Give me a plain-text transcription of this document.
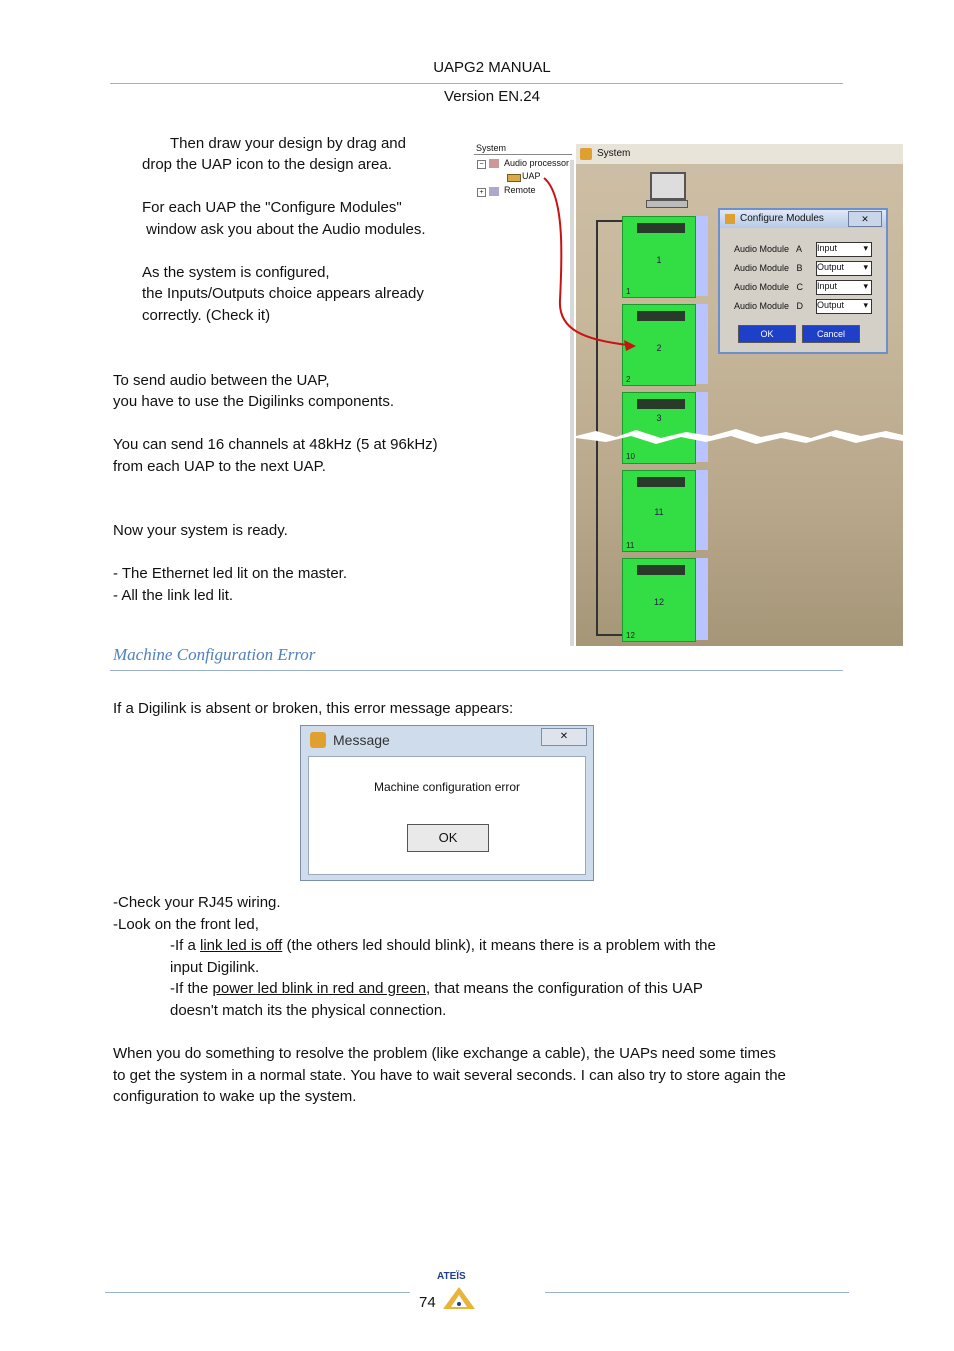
UAPG2 MANUAL
Version EN.24
Then draw your design by drag and
drop the UAP icon to the design area.
For each UAP the "Configure Modules"
window ask you about the Audio modules.
As the system is configured,
the Inputs/Outputs choice appears already
correctly. (Check it)
To send audio between the UAP,
you have to use the Digilinks components.
You can send 16 channels at 48kHz (5 at 96kHz)
from each UAP to the next UAP.
Now your system is ready.
- The Ethernet led lit on the master.
- All the link led lit.
System
− Audio processor
UAP
+ Remote
System
1
1
2
2
3
10
11
11
12
12
Configure Modules	✕
Audio Module   A Input	▾
Audio Module   B Output ▾
Audio Module   C Input	▾
Audio Module   D Output ▾
OK	Cancel
Machine Configuration Error
If a Digilink is absent or broken, this error message appears:
Message	✕
Machine configuration error
OK
-Check your RJ45 wiring.
-Look on the front led,
-If a link led is off (the others led should blink), it means there is a problem with the
input Digilink.
-If the power led blink in red and green, that means the configuration of this UAP
doesn't match its the physical connection.
When you do something to resolve the problem (like exchange a cable), the UAPs need some times
to get the system in a normal state. You have to wait several seconds. I can also try to store again the
configuration to wake up the system.
ATEÏS
74
